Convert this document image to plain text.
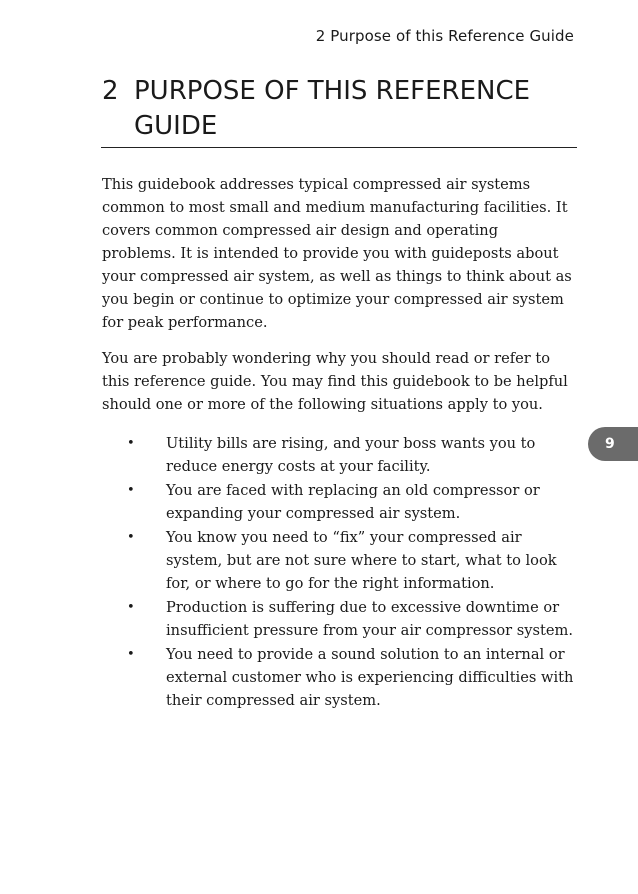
2 Purpose of this Reference Guide
2 PURPOSE OF THIS REFERENCE GUIDE

This guidebook addresses typical compressed air systems common to most small and medium manufacturing facilities. It covers common compressed air design and operating problems. It is intended to provide you with guideposts about your compressed air system, as well as things to think about as you begin or continue to optimize your compressed air system for peak performance.

You are probably wondering why you should read or refer to this reference guide. You may find this guidebook to be helpful should one or more of the following situations apply to you.

•	Utility bills are rising, and your boss wants you to reduce energy costs at your facility.
•	You are faced with replacing an old compressor or expanding your compressed air system.
•	You know you need to “fix” your compressed air system, but are not sure where to start, what to look for, or where to go for the right information.
•	Production is suffering due to excessive downtime or insufficient pressure from your air compressor system.
•	You need to provide a sound solution to an internal or external customer who is experiencing difficulties with their compressed air system.
9
